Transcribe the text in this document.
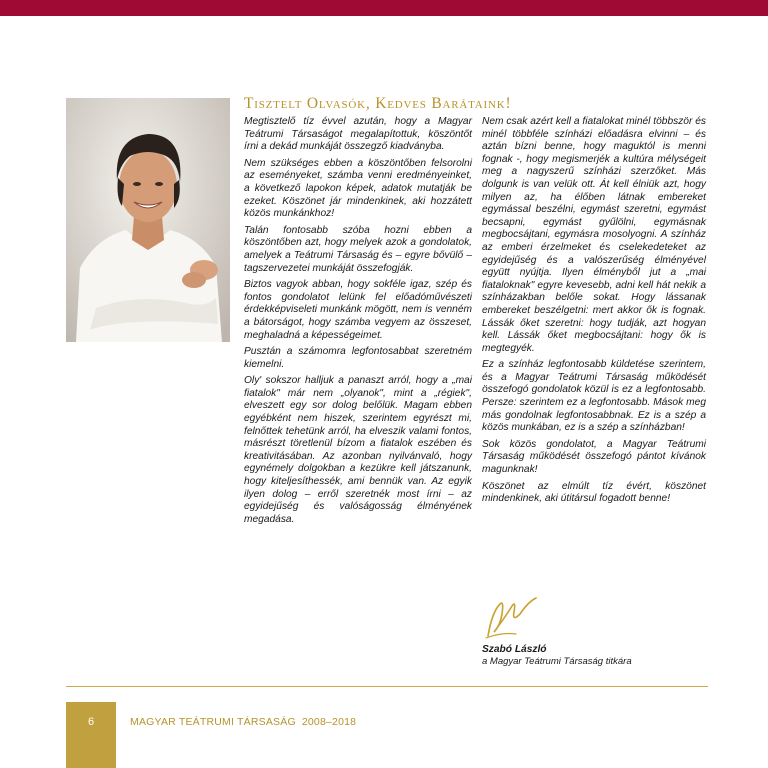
Tisztelt Olvasók, Kedves Barátaink!

Megtisztelő tíz évvel azután, hogy a Magyar Teátrumi Társaságot megalapítottuk, köszöntőt írni a dekád munkáját összegző kiadványba.

Nem szükséges ebben a köszöntőben felsorolni az eseményeket, számba venni eredményeinket, a következő lapokon képek, adatok mutatják be ezeket. Köszönet jár mindenkinek, aki hozzátett közös munkánkhoz!

Talán fontosabb szóba hozni ebben a köszöntőben azt, hogy melyek azok a gondolatok, amelyek a Teátrumi Társaság és – egyre bővülő – tagszervezetei munkáját összefogják.

Biztos vagyok abban, hogy sokféle igaz, szép és fontos gondolatot lelünk fel előadóművészeti érdekképviseleti munkánk mögött, nem is venném a bátorságot, hogy számba vegyem az összeset, meghaladná a képességeimet.

Pusztán a számomra legfontosabbat szeretném kiemelni.

Oly' sokszor halljuk a panaszt arról, hogy a „mai fiatalok" már nem „olyanok", mint a „régiek", elveszett egy sor dolog belőlük. Magam ebben egyébként nem hiszek, szerintem egyrészt mi, felnőttek tehetünk arról, ha elveszik valami fontos, másrészt töretlenül bízom a fiatalok eszében és kreativitásában. Az azonban nyilvánvaló, hogy egynémely dolgokban a kezükre kell játszanunk, hogy kiteljesíthessék, ami bennük van. Az egyik ilyen dolog – erről szeretnék most írni – az egyidejűség és valóságosság élményének megadása.

Nem csak azért kell a fiatalokat minél többször és minél többféle színházi előadásra elvinni – és aztán bízni benne, hogy maguktól is menni fognak -, hogy megismerjék a kultúra mélységeit meg a nagyszerű színházi szerzőket. Más dolgunk is van velük ott. Át kell élniük azt, hogy milyen az, ha élőben látnak embereket egymással beszélni, egymást szeretni, egymást becsapni, egymást gyűlölni, egymásnak megbocsájtani, egymásra mosolyogni. A színház az emberi érzelmeket és cselekedeteket az egyidejűség és a valószerűség élményével együtt nyújtja. Ilyen élményből jut a „mai fiataloknak" egyre kevesebb, adni kell hát nekik a színházakban belőle sokat. Hogy lássanak embereket beszélgetni: mert akkor ők is fognak. Lássák őket szeretni: hogy tudják, azt hogyan kell. Lássák őket megbocsájtani: hogy ők is megtegyék.

Ez a színház legfontosabb küldetése szerintem, és a Magyar Teátrumi Társaság működését összefogó gondolatok közül is ez a legfontosabb. Persze: szerintem ez a legfontosabb. Mások meg más gondolnak legfontosabbnak. Ez is a szép a közös munkában, ez is a szép a színházban!

Sok közös gondolatot, a Magyar Teátrumi Társaság működését összefogó pántot kívánok magunknak!

Köszönet az elmúlt tíz évért, köszönet mindenkinek, aki útitársul fogadott benne!

Szabó László
a Magyar Teátrumi Társaság titkára
6	MAGYAR TEÁTRUMI TÁRSASÁG 2008–2018
